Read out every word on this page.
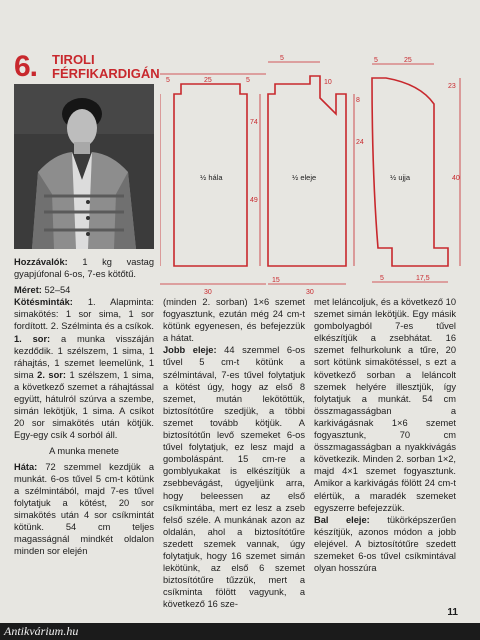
6. TIROLI
FÉRFIKARDIGÁN 5	25	5
5
74
49
30
15
30
24
8
10
5	25
23
40
5	17,5
½ hála	½ eleje	½ ujja

Hozzávalók: 1 kg vastag gyapjúfonal 6-os, 7-es kötőtű.

Méret: 52–54

Kötésminták: 1. Alapminta: simakötés: 1 sor sima, 1 sor fordított. 2. Szélminta és a csíkok. 1. sor: a munka visszáján kezdődik. 1 szélszem, 1 sima, 1 ráhajtás, 1 szemet leemelünk, 1 sima 2. sor: 1 szélszem, 1 sima, a következő szemet a ráhajtással együtt, hátulról szúrva a szembe, simán lekötjük, 1 sima. A csíkot 20 sor simakötés után kötjük. Egy-egy csík 4 sorból áll.

A munka menete

Háta: 72 szemmel kezdjük a munkát. 6-os tűvel 5 cm-t kötünk a szélmintából, majd 7-es tűvel folytatjuk a kötést, 20 sor simakötés után 4 sor csíkmintát kötünk. 54 cm teljes magasságnál mindkét oldalon minden sor elején

(minden 2. sorban) 1×6 szemet fogyasztunk, ezután még 24 cm-t kötünk egyenesen, és befejezzük a hátat.

Jobb eleje: 44 szemmel 6-os tűvel 5 cm-t kötünk a szélmintával, 7-es tűvel folytatjuk a kötést úgy, hogy az első 8 szemet, mután lekötöttük, biztosítótűre szedjük, a többi szemet tovább kötjük. A biztosítótűn levő szemeket 6-os tűvel folytatjuk, ez lesz majd a gomboláspánt. 15 cm-re a gomblyukakat is elkészítjük a zsebbevágást, úgyeljünk arra, hogy beleessen az első csíkmintába, mert ez lesz a zseb felső széle. A munkának azon az oldalán, ahol a biztosítótűre szedett szemek vannak, úgy folytatjuk, hogy 16 szemet simán lekötünk, az első 6 szemet biztosítótűre tűzzük, mert a csíkminta fölött vagyunk, a következő 16 sze-

met leláncoljuk, és a következő 10 szemet simán lekötjük. Egy másik gombolyagból 7-es tűvel elkészítjük a zsebhátat. 16 szemet felhurkolunk a tűre, 20 sort kötünk simakötéssel, s ezt a következő sorban a leláncolt szemek helyére illesztjük, így folytatjuk a munkát. 54 cm összmagasságban a karkivágásnak 1×6 szemet fogyasztunk, 70 cm összmagasságban a nyakkivágás következik. Minden 2. sorban 1×2, majd 4×1 szemet fogyasztunk. Amikor a karkivágás fölött 24 cm-t elértük, a maradék szemeket egyszerre befejezzük.

Bal eleje: tükörképszerűen készítjük, azonos módon a jobb elejével. A biztosítótűre szedett szemeket 6-os tűvel csíkmintával olyan hosszúra

11
Antikvárium.hu
